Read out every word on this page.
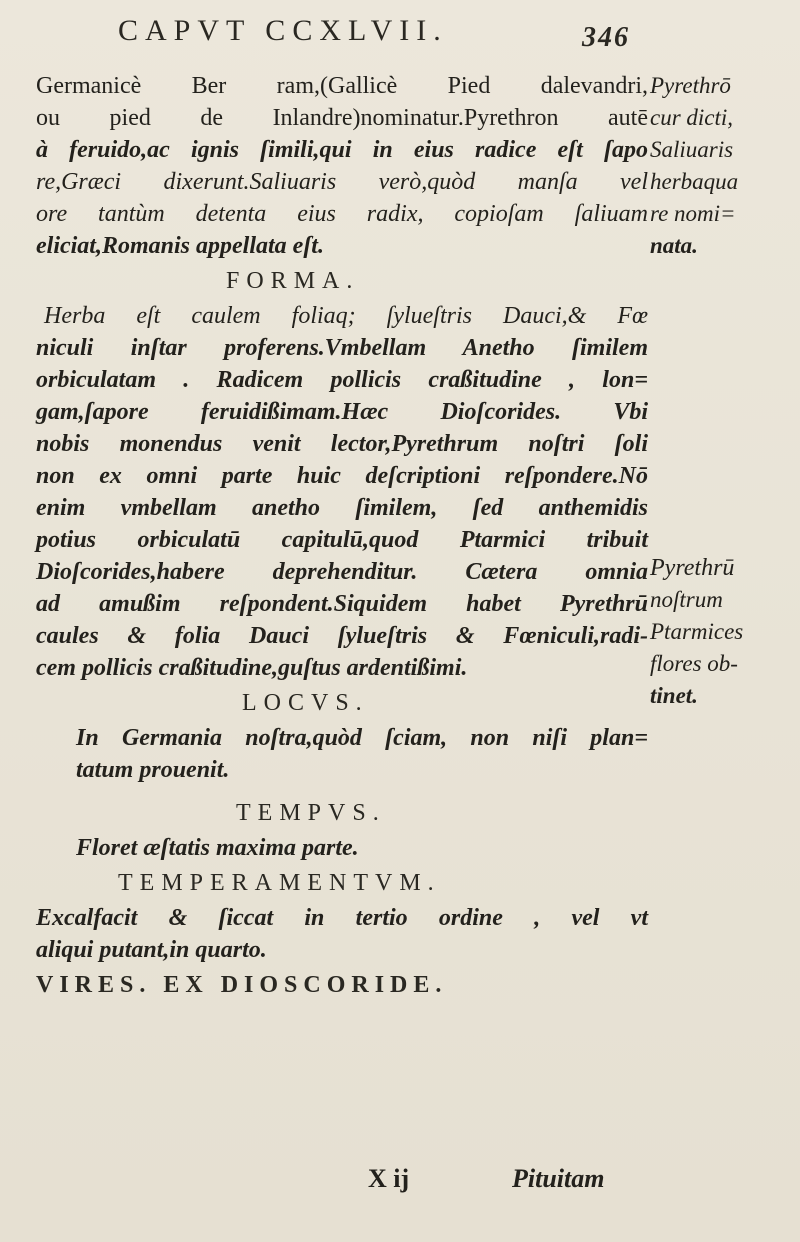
CAPVT CCXLVII.	346
Germanicè Ber ram,(Gallicè Pied dalevandri,
ou pied de Inlandre)nominatur.Pyrethron autē
à feruido,ac ignis ſimili,qui in eius radice eſt ſapo
re,Græci dixerunt.Saliuaris verò,quòd manſa vel
ore tantùm detenta eius radix, copioſam ſaliuam
eliciat,Romanis appellata eſt.
FORMA.
Herba eſt caulem foliaq; ſylueſtris Dauci,& Fœ
niculi inſtar proferens.Vmbellam Anetho ſimilem
orbiculatam . Radicem pollicis craßitudine , lon=
gam,ſapore feruidißimam.Hæc Dioſcorides. Vbi
nobis monendus venit lector,Pyrethrum noſtri ſoli
non ex omni parte huic deſcriptioni reſpondere.Nō
enim vmbellam anetho ſimilem, ſed anthemidis
potius orbiculatū capitulū,quod Ptarmici tribuit
Dioſcorides,habere deprehenditur. Cætera omnia
ad amußim reſpondent.Siquidem habet Pyrethrū
caules & folia Dauci ſylueſtris & Fœniculi,radi-
cem pollicis craßitudine,guſtus ardentißimi.
LOCVS.
In Germania noſtra,quòd ſciam, non niſi plan=
tatum prouenit.
TEMPVS.
Floret æſtatis maxima parte.
TEMPERAMENTVM.
Excalfacit & ſiccat in tertio ordine , vel vt
aliqui putant,in quarto.
VIRES. EX DIOSCORIDE.
Pyrethrō
cur dicti,
Saliuaris
herbaqua
re nomi=
nata.
Pyrethrū
noſtrum
Ptarmices
flores ob-
tinet.
X ij	Pituitam
